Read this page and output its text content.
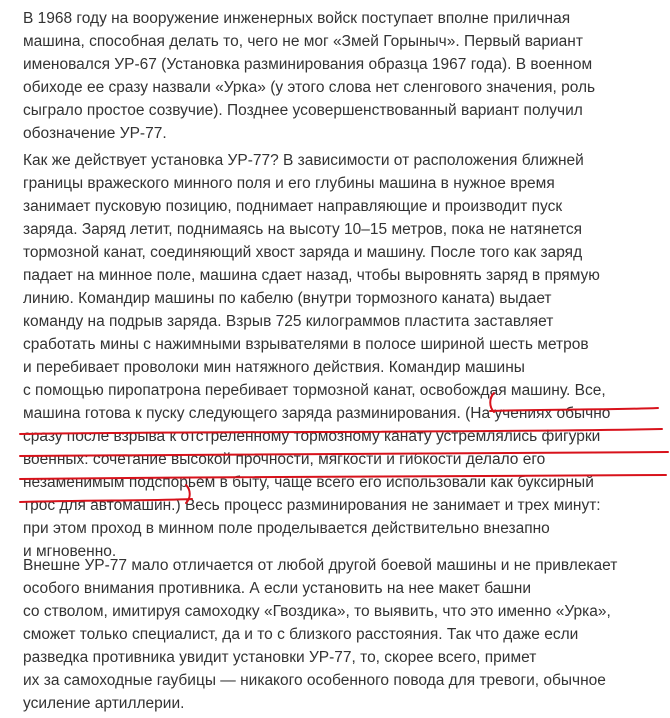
В 1968 году на вооружение инженерных войск поступает вполне приличная
машина, способная делать то, чего не мог «Змей Горыныч». Первый вариант
именовался УР-67 (Установка разминирования образца 1967 года). В военном
обиходе ее сразу назвали «Урка» (у этого слова нет сленгового значения, роль
сыграло простое созвучие). Позднее усовершенствованный вариант получил
обозначение УР-77.
Как же действует установка УР-77? В зависимости от расположения ближней
границы вражеского минного поля и его глубины машина в нужное время
занимает пусковую позицию, поднимает направляющие и производит пуск
заряда. Заряд летит, поднимаясь на высоту 10–15 метров, пока не натянется
тормозной канат, соединяющий хвост заряда и машину. После того как заряд
падает на минное поле, машина сдает назад, чтобы выровнять заряд в прямую
линию. Командир машины по кабелю (внутри тормозного каната) выдает
команду на подрыв заряда. Взрыв 725 килограммов пластита заставляет
сработать мины с нажимными взрывателями в полосе шириной шесть метров
и перебивает проволоки мин натяжного действия. Командир машины
с помощью пиропатрона перебивает тормозной канат, освобождая машину. Все,
машина готова к пуску следующего заряда разминирования. (На учениях обычно
сразу после взрыва к отстреленному тормозному канату устремлялись фигурки
военных: сочетание высокой прочности, мягкости и гибкости делало его
незаменимым подспорьем в быту, чаще всего его использовали как буксирный
трос для автомашин.) Весь процесс разминирования не занимает и трех минут:
при этом проход в минном поле проделывается действительно внезапно
и мгновенно.
Внешне УР-77 мало отличается от любой другой боевой машины и не привлекает
особого внимания противника. А если установить на нее макет башни
со стволом, имитируя самоходку «Гвоздика», то выявить, что это именно «Урка»,
сможет только специалист, да и то с близкого расстояния. Так что даже если
разведка противника увидит установки УР-77, то, скорее всего, примет
их за самоходные гаубицы — никакого особенного повода для тревоги, обычное
усиление артиллерии.
